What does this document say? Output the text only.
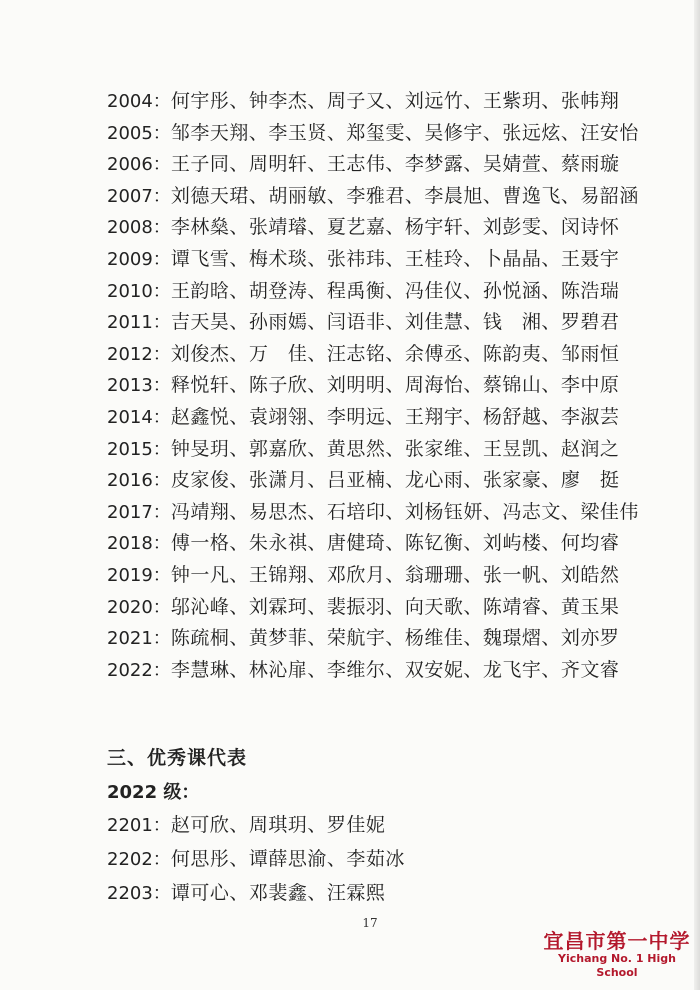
2004：何宇彤、钟李杰、周子又、刘远竹、王紫玥、张帏翔
2005：邹李天翔、李玉贤、郑玺雯、吴修宇、张远炫、汪安怡
2006：王子同、周明轩、王志伟、李梦露、吴婧萱、蔡雨璇
2007：刘德天珺、胡丽敏、李雅君、李晨旭、曹逸飞、易韶涵
2008：李林燊、张靖璿、夏艺嘉、杨宇轩、刘彭雯、闵诗怀
2009：谭飞雪、梅术琰、张祎玮、王桂玲、卜晶晶、王聂宇
2010：王韵晗、胡登涛、程禹衡、冯佳仪、孙悦涵、陈浩瑞
2011：吉天昊、孙雨嫣、闫语非、刘佳慧、钱　湘、罗碧君
2012：刘俊杰、万　佳、汪志铭、余傅丞、陈韵夷、邹雨恒
2013：释悦轩、陈子欣、刘明明、周海怡、蔡锦山、李中原
2014：赵鑫悦、袁翊翎、李明远、王翔宇、杨舒越、李淑芸
2015：钟旻玥、郭嘉欣、黄思然、张家维、王昱凯、赵润之
2016：皮家俊、张潇月、吕亚楠、龙心雨、张家豪、廖　挺
2017：冯靖翔、易思杰、石培印、刘杨钰妍、冯志文、梁佳伟
2018：傅一格、朱永祺、唐健琦、陈钇衡、刘屿楼、何均睿
2019：钟一凡、王锦翔、邓欣月、翁珊珊、张一帆、刘皓然
2020：邬沁峰、刘霖珂、裴振羽、向天歌、陈靖睿、黄玉果
2021：陈疏桐、黄梦菲、荣航宇、杨维佳、魏璟熠、刘亦罗
2022：李慧琳、林沁扉、李维尔、双安妮、龙飞宇、齐文睿
三、优秀课代表
2022 级：
2201：赵可欣、周琪玥、罗佳妮
2202：何思彤、谭薛思渝、李茹冰
2203：谭可心、邓裴鑫、汪霖熙
17
宜昌市第一中学
Yichang No. 1 High School
